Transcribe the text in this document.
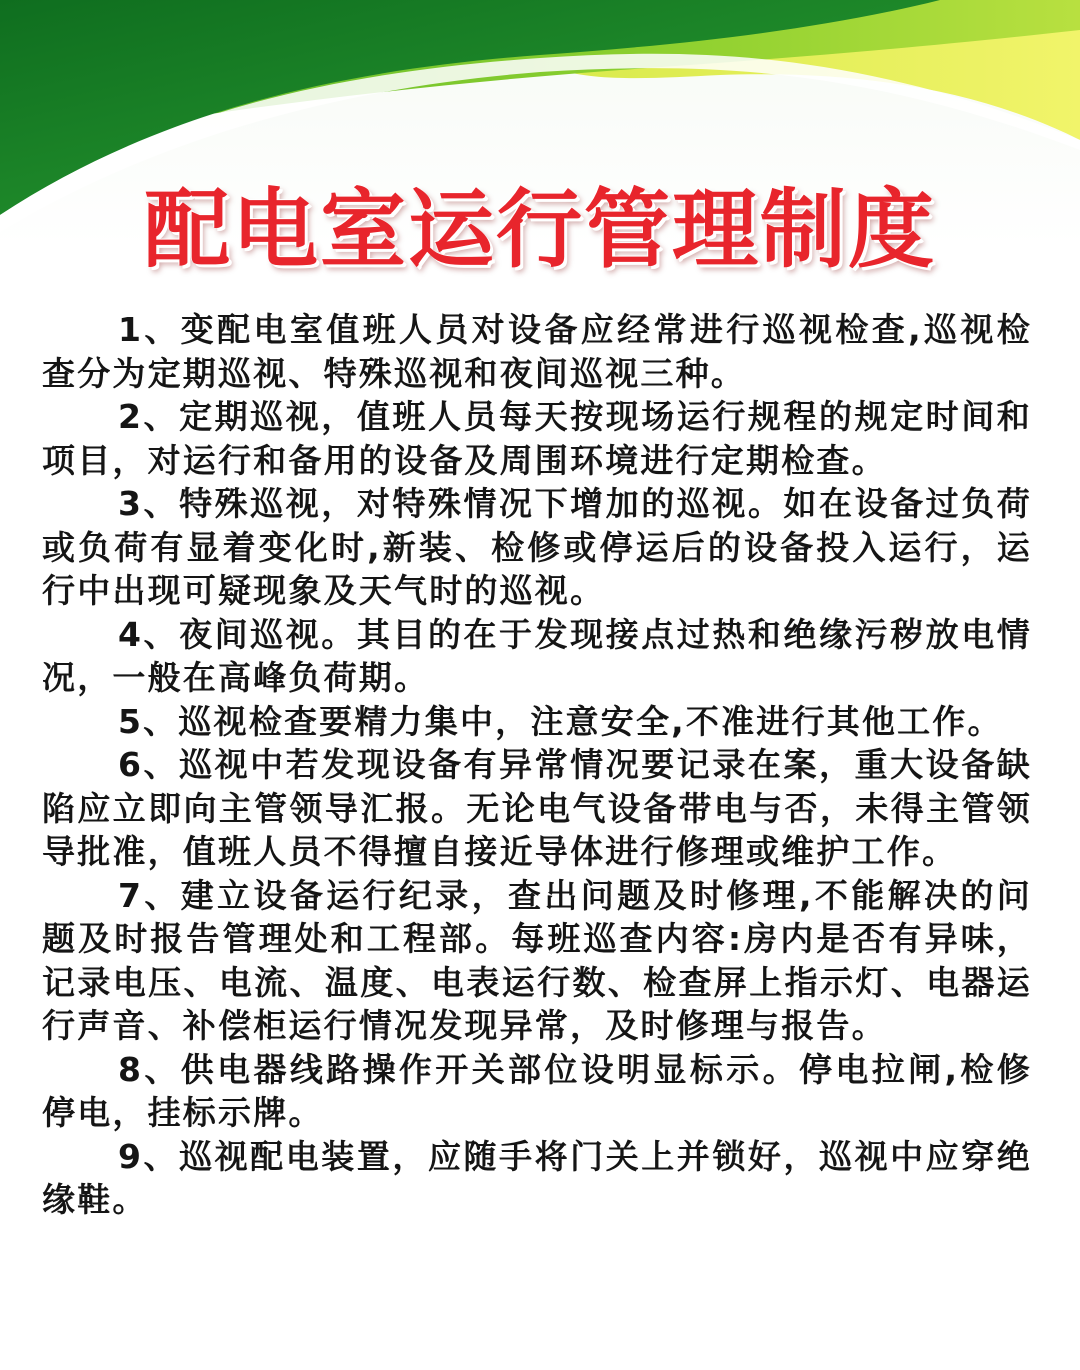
配电室运行管理制度
1、变配电室值班人员对设备应经常进行巡视检查,巡视检查分为定期巡视、特殊巡视和夜间巡视三种。
2、定期巡视，值班人员每天按现场运行规程的规定时间和项目，对运行和备用的设备及周围环境进行定期检查。
3、特殊巡视，对特殊情况下增加的巡视。如在设备过负荷或负荷有显着变化时,新装、检修或停运后的设备投入运行，运行中出现可疑现象及天气时的巡视。
4、夜间巡视。其目的在于发现接点过热和绝缘污秽放电情况，一般在高峰负荷期。
5、巡视检查要精力集中，注意安全,不准进行其他工作。
6、巡视中若发现设备有异常情况要记录在案，重大设备缺陷应立即向主管领导汇报。无论电气设备带电与否，未得主管领导批准，值班人员不得擅自接近导体进行修理或维护工作。
7、建立设备运行纪录，查出问题及时修理,不能解决的问题及时报告管理处和工程部。每班巡查内容:房内是否有异味，记录电压、电流、温度、电表运行数、检查屏上指示灯、电器运行声音、补偿柜运行情况发现异常，及时修理与报告。
8、供电器线路操作开关部位设明显标示。停电拉闸,检修停电，挂标示牌。
9、巡视配电装置，应随手将门关上并锁好，巡视中应穿绝缘鞋。
